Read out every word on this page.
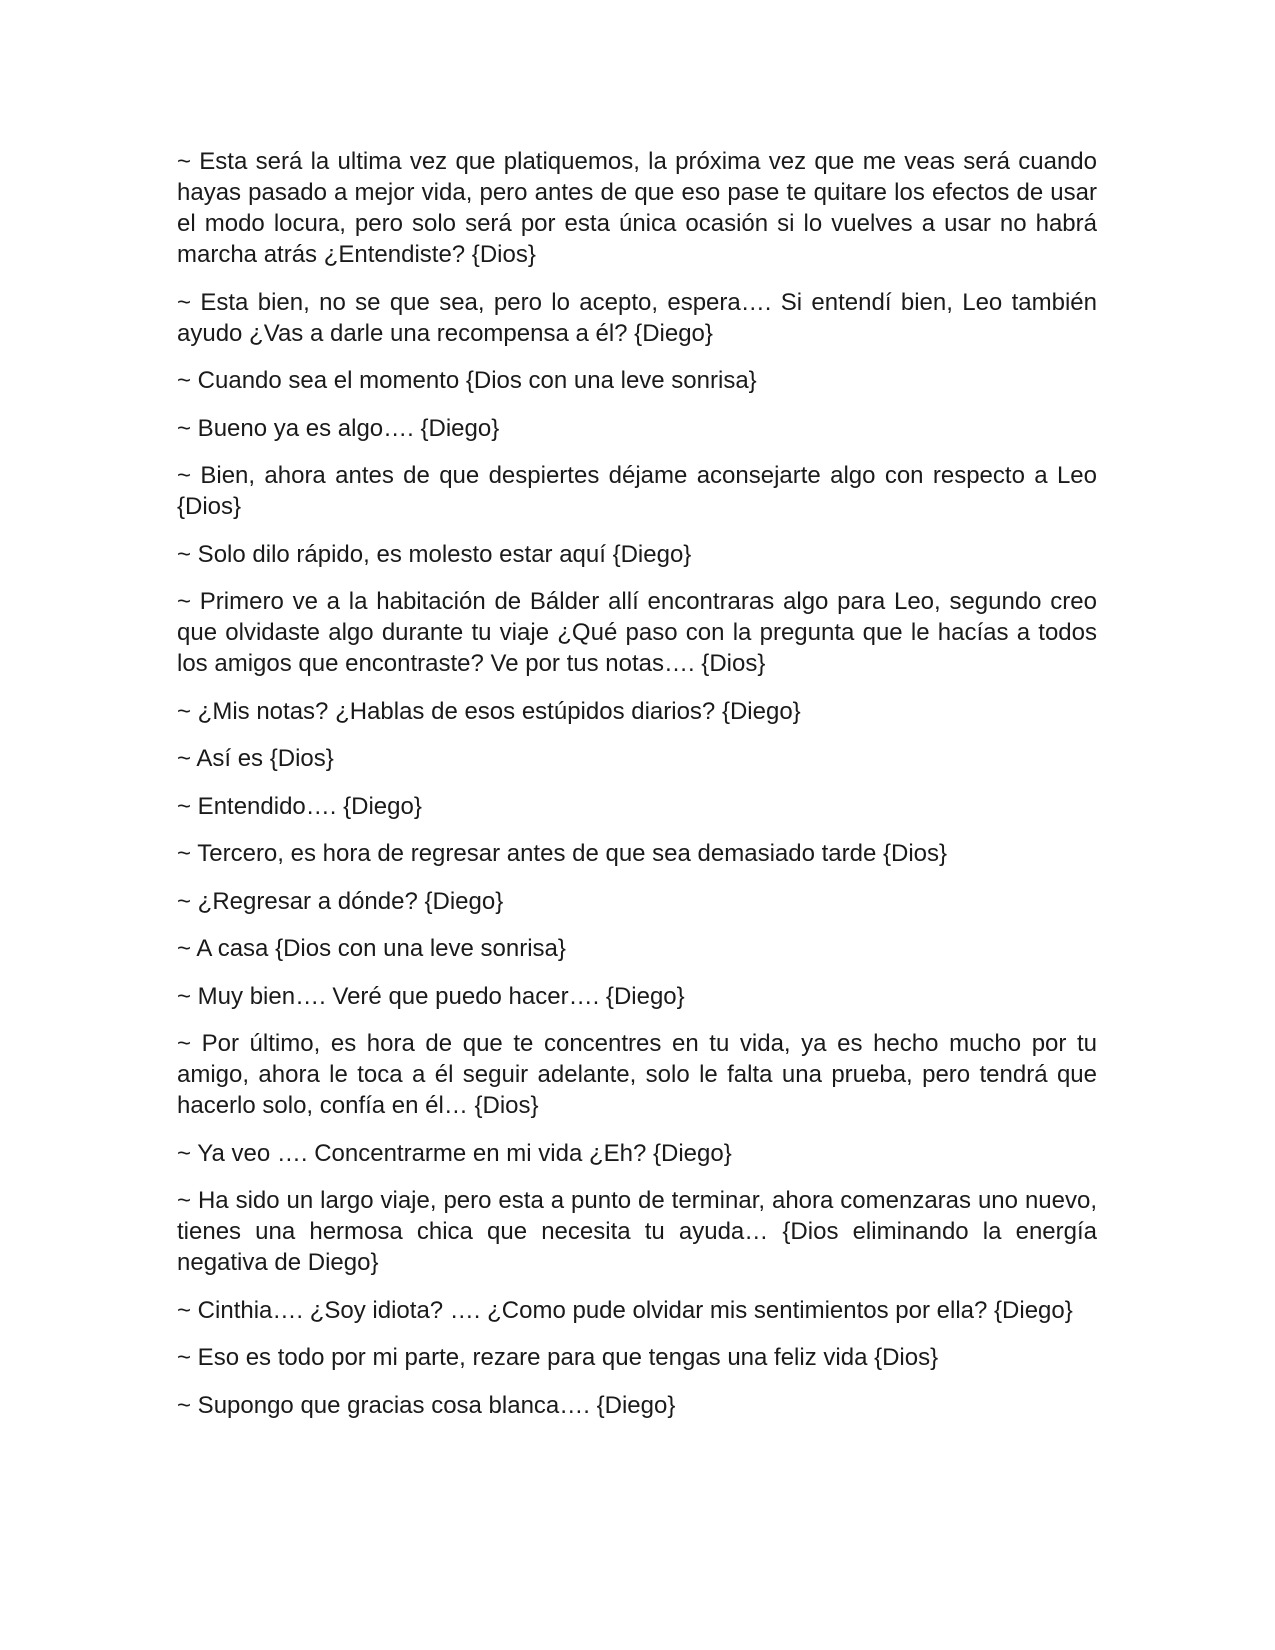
~ Esta será la ultima vez que platiquemos, la próxima vez que me veas será cuando hayas pasado a mejor vida, pero antes de que eso pase te quitare los efectos de usar el modo locura, pero solo será por esta única ocasión si lo vuelves a usar no habrá marcha atrás ¿Entendiste? {Dios}

~ Esta bien, no se que sea, pero lo acepto, espera…. Si entendí bien, Leo también ayudo ¿Vas a darle una recompensa a él? {Diego}

~ Cuando sea el momento {Dios con una leve sonrisa}

~ Bueno ya es algo…. {Diego}

~ Bien, ahora antes de que despiertes déjame aconsejarte algo con respecto a Leo {Dios}

~ Solo dilo rápido, es molesto estar aquí {Diego}

~ Primero ve a la habitación de Bálder allí encontraras algo para Leo, segundo creo que olvidaste algo durante tu viaje ¿Qué paso con la pregunta que le hacías a todos los amigos que encontraste? Ve por tus notas…. {Dios}

~ ¿Mis notas? ¿Hablas de esos estúpidos diarios? {Diego}

~ Así es {Dios}

~ Entendido…. {Diego}

~ Tercero, es hora de regresar antes de que sea demasiado tarde {Dios}

~ ¿Regresar a dónde? {Diego}

~ A casa {Dios con una leve sonrisa}

~ Muy bien…. Veré que puedo hacer…. {Diego}

~ Por último, es hora de que te concentres en tu vida, ya es hecho mucho por tu amigo, ahora le toca a él seguir adelante, solo le falta una prueba, pero tendrá que hacerlo solo, confía en él… {Dios}

~ Ya veo …. Concentrarme en mi vida ¿Eh? {Diego}

~ Ha sido un largo viaje, pero esta a punto de terminar, ahora comenzaras uno nuevo, tienes una hermosa chica que necesita tu ayuda… {Dios eliminando la energía negativa de Diego}

~ Cinthia…. ¿Soy idiota? …. ¿Como pude olvidar mis sentimientos por ella? {Diego}

~ Eso es todo por mi parte, rezare para que tengas una feliz vida {Dios}

~ Supongo que gracias cosa blanca…. {Diego}
